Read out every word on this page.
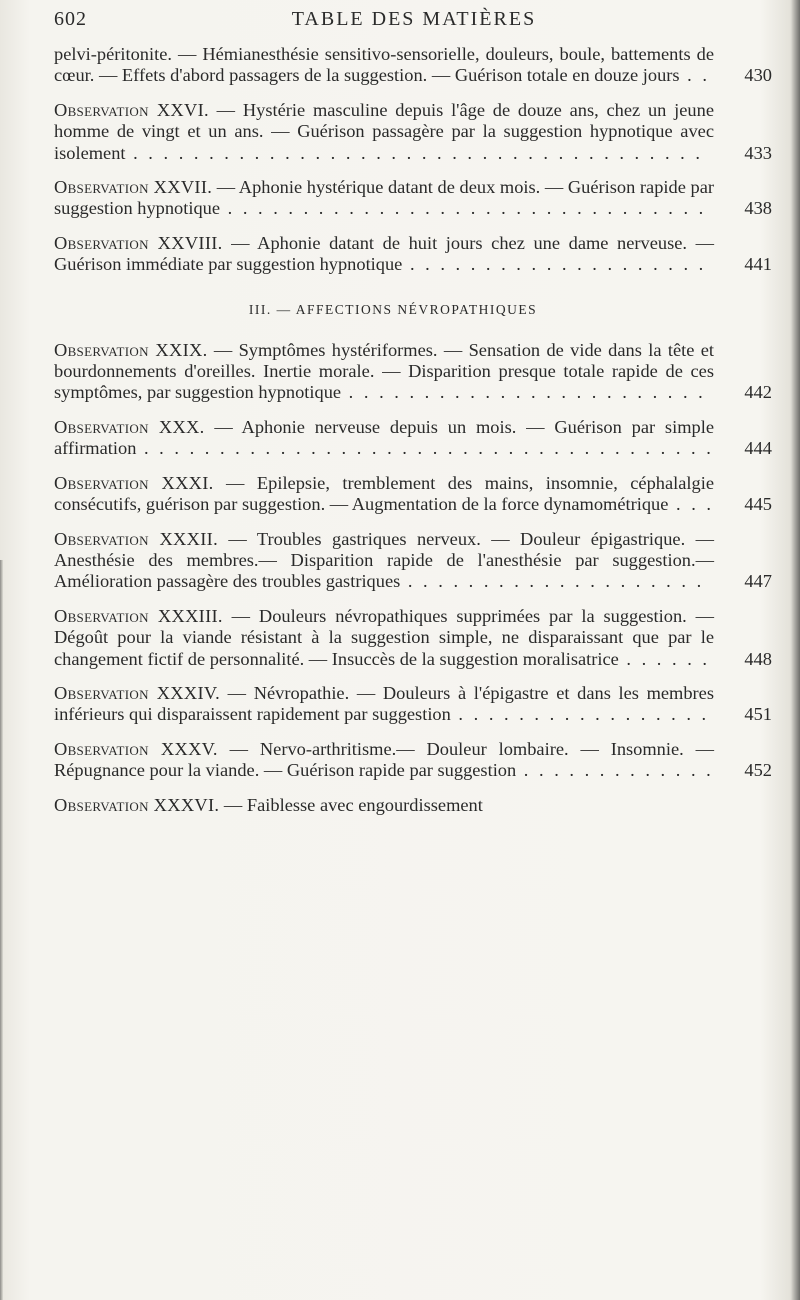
602	TABLE DES MATIÈRES
pelvi-péritonite. — Hémianesthésie sensitivo-sensorielle, douleurs, boule, battements de cœur. — Effets d'abord passagers de la suggestion. — Guérison totale en douze jours . .	430
Observation XXVI. — Hystérie masculine depuis l'âge de douze ans, chez un jeune homme de vingt et un ans. — Guérison passagère par la suggestion hypnotique avec isolement . . . . . . . . . . . . . . . . . . . . . . . . . . . . . . . . . . . . . .	433
Observation XXVII. — Aphonie hystérique datant de deux mois. — Guérison rapide par suggestion hypnotique . . . . . . . . . . . . . . . . . . . . . . . . . . . . . . . .	438
Observation XXVIII. — Aphonie datant de huit jours chez une dame nerveuse. — Guérison immédiate par suggestion hypnotique . . . . . . . . . . . . . . . . . . . .	441
III. — AFFECTIONS NÉVROPATHIQUES
Observation XXIX. — Symptômes hystériformes. — Sensation de vide dans la tête et bourdonnements d'oreilles. Inertie morale. — Disparition presque totale rapide de ces symptômes, par suggestion hypnotique . . . . . . . . . . . . . . . . . . . . . . . .	442
Observation XXX. — Aphonie nerveuse depuis un mois. — Guérison par simple affirmation . . . . . . . . . . . . . . . . . . . . . . . . . . . . . . . . . . . . . .	444
Observation XXXI. — Epilepsie, tremblement des mains, insomnie, céphalalgie consécutifs, guérison par suggestion. — Augmentation de la force dynamométrique . . .	445
Observation XXXII. — Troubles gastriques nerveux. — Douleur épigastrique. — Anesthésie des membres.— Disparition rapide de l'anesthésie par suggestion.— Amélioration passagère des troubles gastriques . . . . . . . . . . . . . . . . . . . .	447
Observation XXXIII. — Douleurs névropathiques supprimées par la suggestion. — Dégoût pour la viande résistant à la suggestion simple, ne disparaissant que par le changement fictif de personnalité. — Insuccès de la suggestion moralisatrice . . . . . .	448
Observation XXXIV. — Névropathie. — Douleurs à l'épigastre et dans les membres inférieurs qui disparaissent rapidement par suggestion . . . . . . . . . . . . . . . . .	451
Observation XXXV. — Nervo-arthritisme.— Douleur lombaire. — Insomnie. — Répugnance pour la viande. — Guérison rapide par suggestion . . . . . . . . . . . . .	452
Observation XXXVI. — Faiblesse avec engourdissement
